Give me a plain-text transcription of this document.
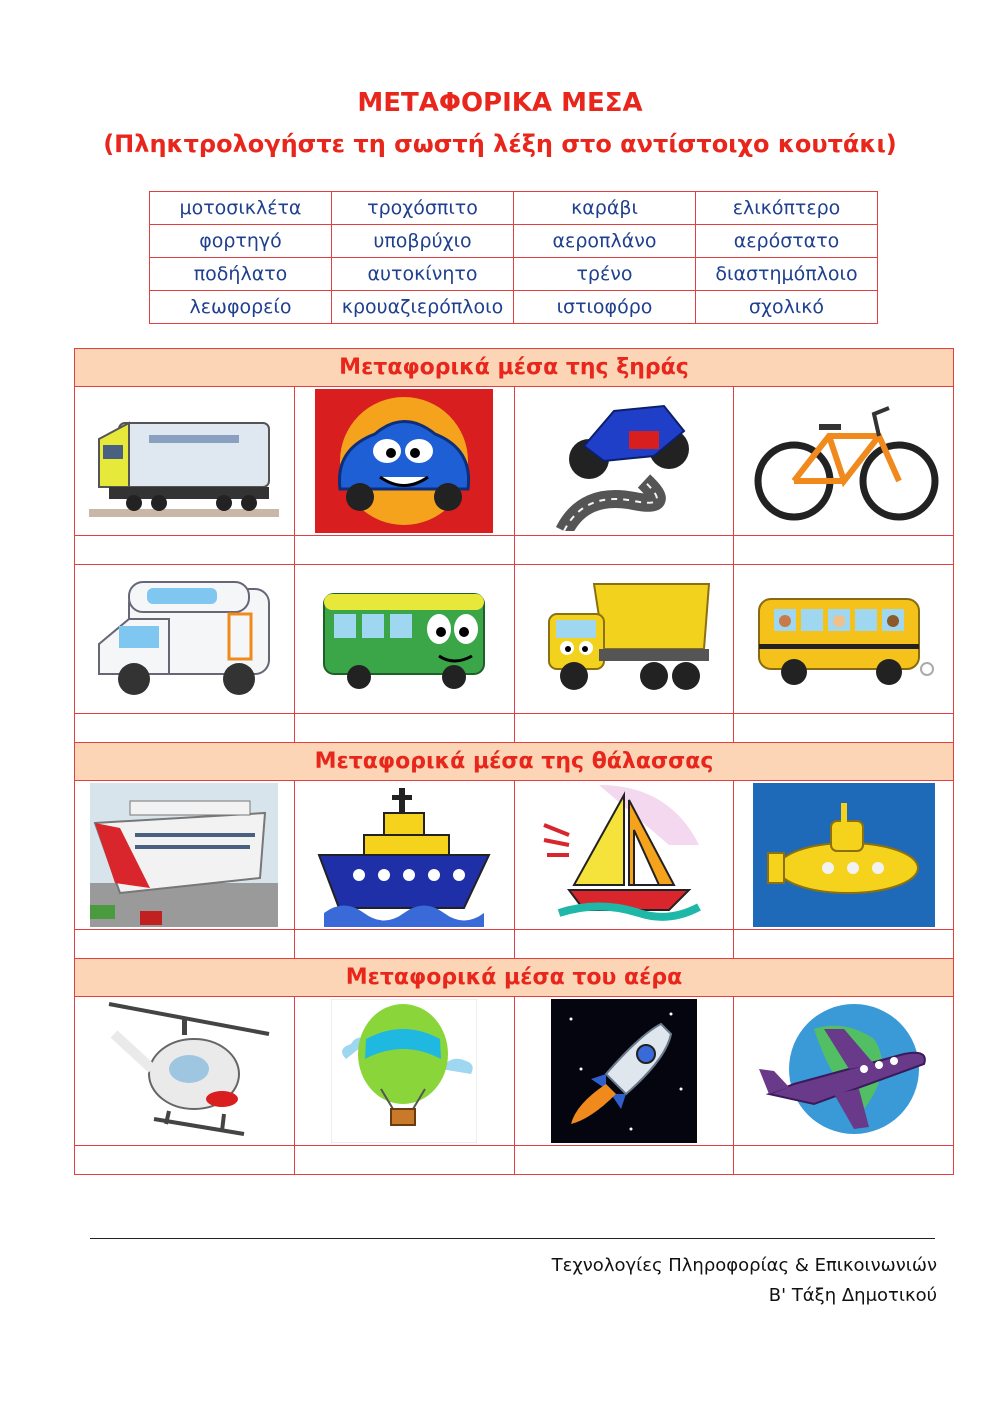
ΜΕΤΑΦΟΡΙΚΑ ΜΕΣΑ
(Πληκτρολογήστε τη σωστή λέξη στο αντίστοιχο κουτάκι)
μοτοσικλέτα	τροχόσπιτο	καράβι	ελικόπτερο
φορτηγό	υποβρύχιο	αεροπλάνο	αερόστατο
ποδήλατο	αυτοκίνητο	τρένο	διαστημόπλοιο
λεωφορείο	κρουαζιερόπλοιο	ιστιοφόρο	σχολικό
Μεταφορικά μέσα της ξηράς			

Μεταφορικά μέσα της θάλασσας			

Μεταφορικά μέσα του αέρα			

Τεχνολογίες Πληροφορίας & Επικοινωνιών
Β' Τάξη Δημοτικού
